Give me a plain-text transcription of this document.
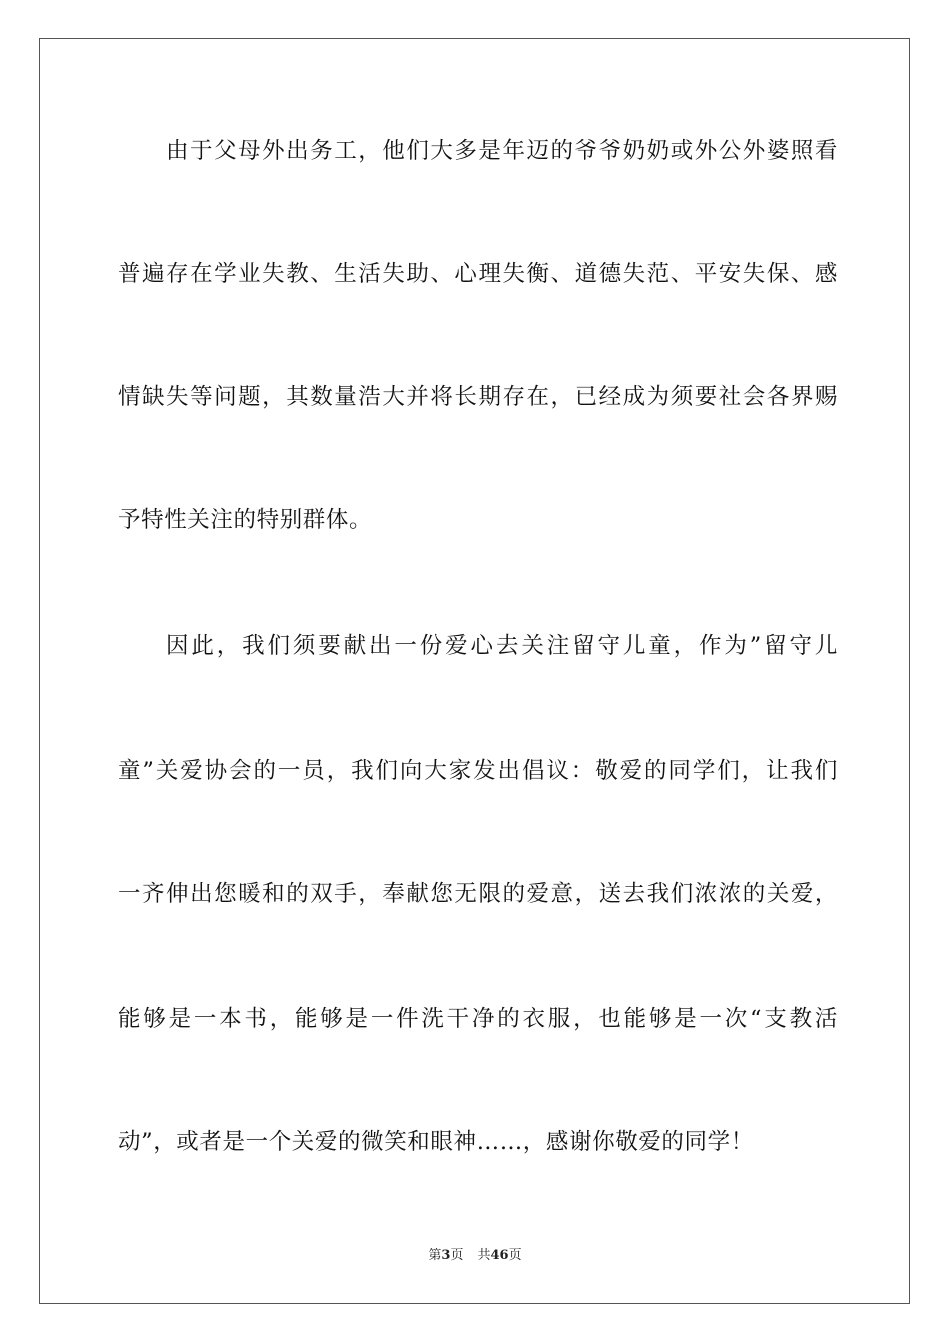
由于父母外出务工，他们大多是年迈的爷爷奶奶或外公外婆照看
普遍存在学业失教、生活失助、心理失衡、道德失范、平安失保、感
情缺失等问题，其数量浩大并将长期存在，已经成为须要社会各界赐
予特性关注的特别群体。
因此，我们须要献出一份爱心去关注留守儿童，作为”留守儿
童”关爱协会的一员，我们向大家发出倡议：敬爱的同学们，让我们
一齐伸出您暖和的双手，奉献您无限的爱意，送去我们浓浓的关爱，
能够是一本书，能够是一件洗干净的衣服，也能够是一次“支教活
动”，或者是一个关爱的微笑和眼神……，感谢你敬爱的同学！
第3页 共46页
